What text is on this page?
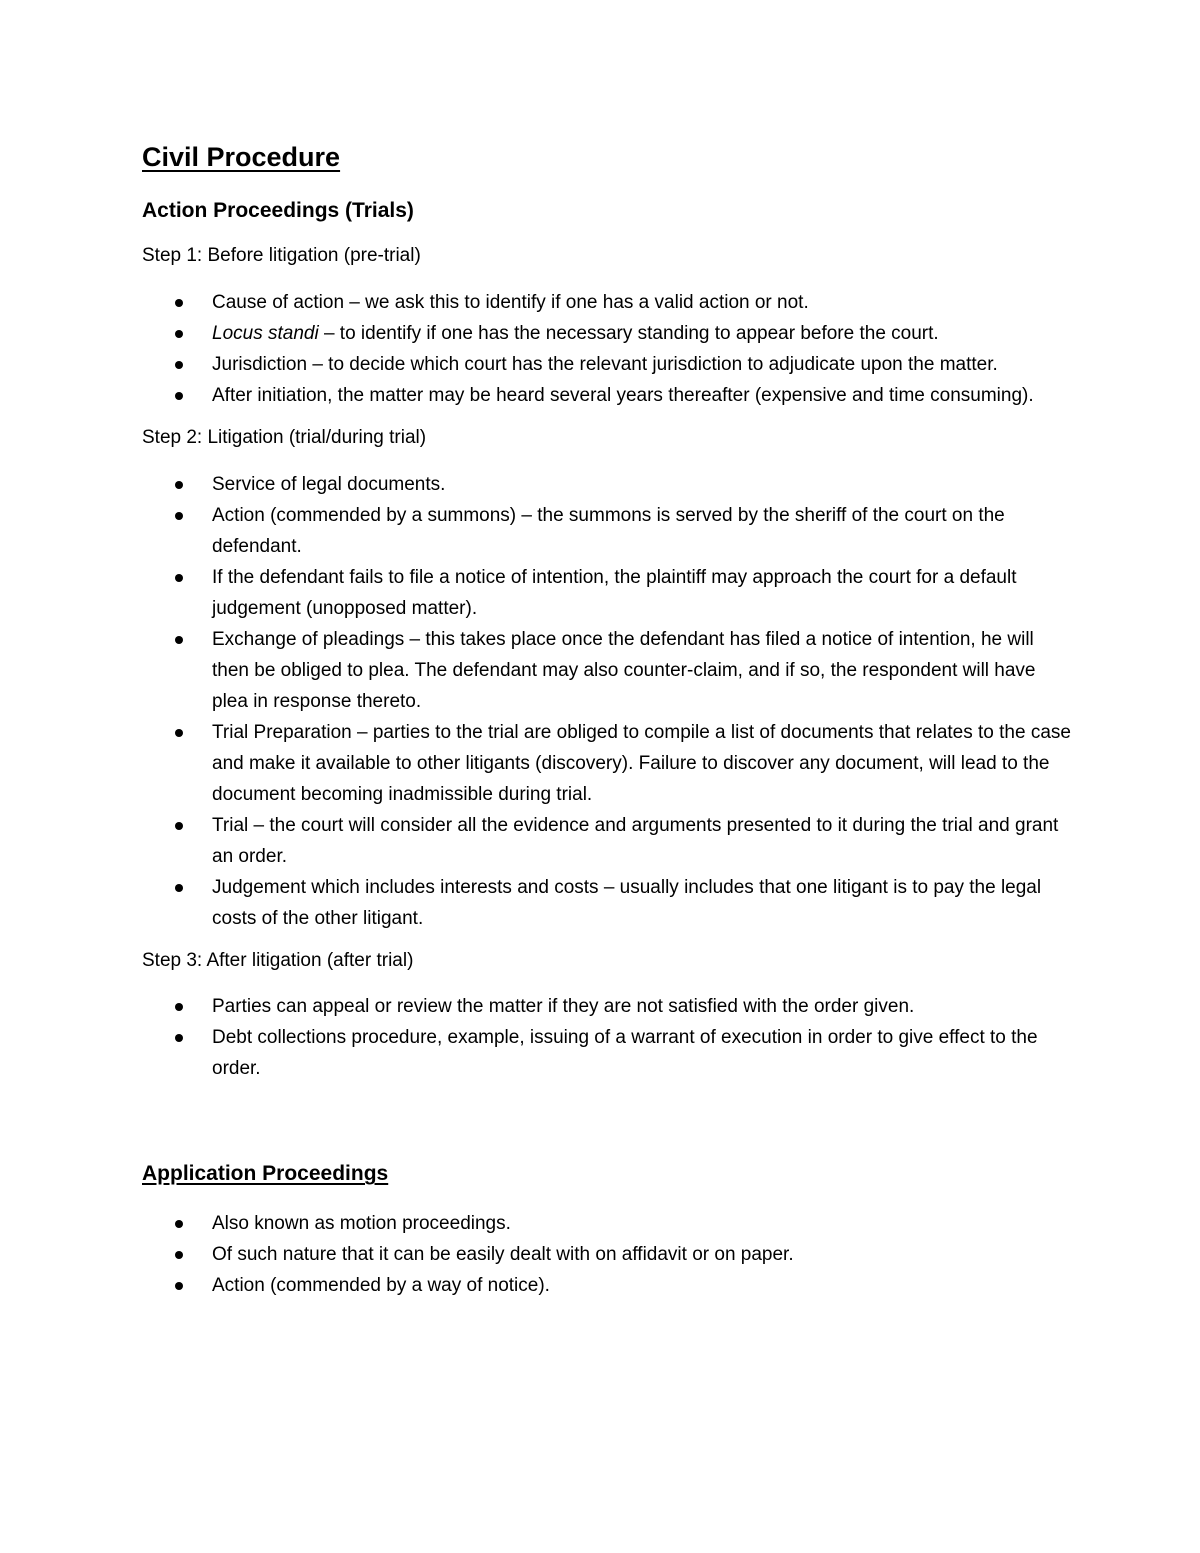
Civil Procedure
Action Proceedings (Trials)

Step 1: Before litigation (pre-trial)

Cause of action – we ask this to identify if one has a valid action or not.
Locus standi – to identify if one has the necessary standing to appear before the court.
Jurisdiction – to decide which court has the relevant jurisdiction to adjudicate upon the matter.
After initiation, the matter may be heard several years thereafter (expensive and time consuming).

Step 2: Litigation (trial/during trial)

Service of legal documents.
Action (commended by a summons) – the summons is served by the sheriff of the court on the defendant.
If the defendant fails to file a notice of intention, the plaintiff may approach the court for a default judgement (unopposed matter).
Exchange of pleadings – this takes place once the defendant has filed a notice of intention, he will then be obliged to plea. The defendant may also counter-claim, and if so, the respondent will have plea in response thereto.
Trial Preparation – parties to the trial are obliged to compile a list of documents that relates to the case and make it available to other litigants (discovery). Failure to discover any document, will lead to the document becoming inadmissible during trial.
Trial – the court will consider all the evidence and arguments presented to it during the trial and grant an order.
Judgement which includes interests and costs – usually includes that one litigant is to pay the legal costs of the other litigant.

Step 3: After litigation (after trial)

Parties can appeal or review the matter if they are not satisfied with the order given.
Debt collections procedure, example, issuing of a warrant of execution in order to give effect to the order.
Application Proceedings
Also known as motion proceedings.
Of such nature that it can be easily dealt with on affidavit or on paper.
Action (commended by a way of notice).
